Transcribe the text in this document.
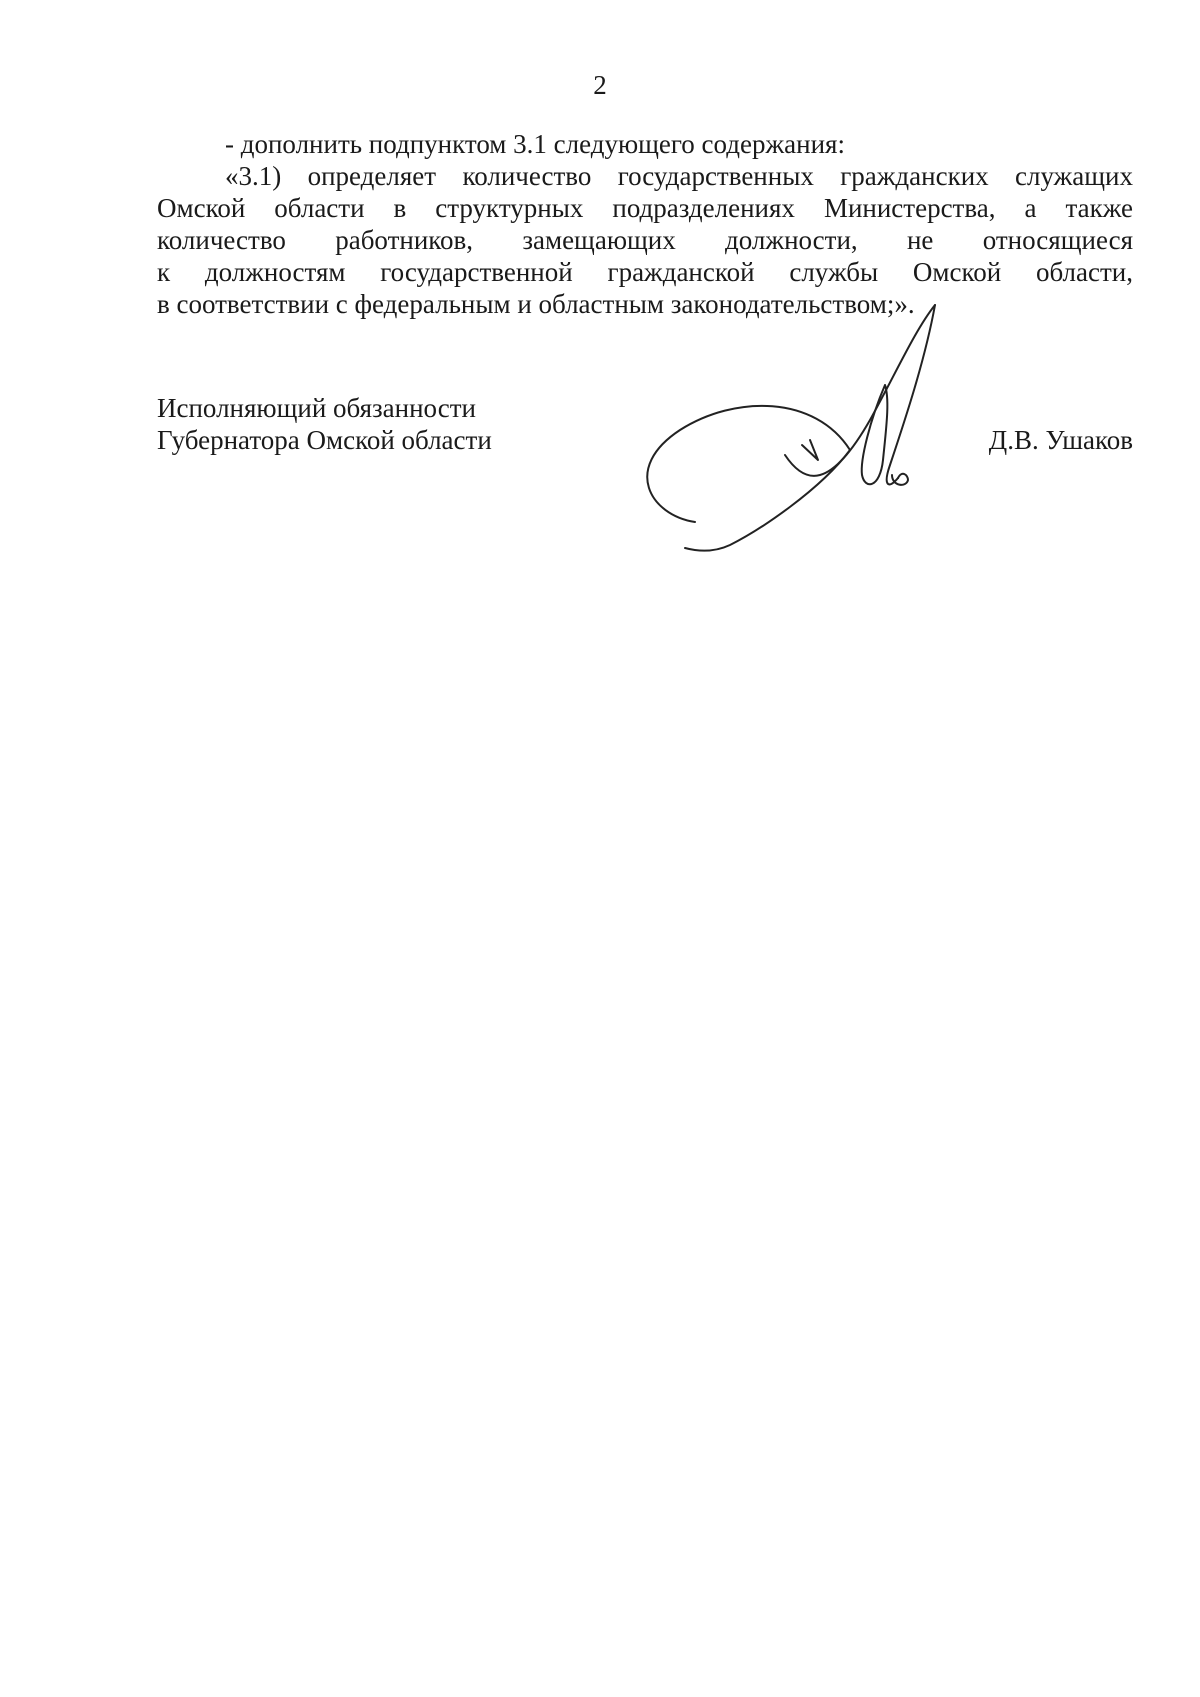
2
- дополнить подпунктом 3.1 следующего содержания:
«3.1) определяет количество государственных гражданских служащих
Омской области в структурных подразделениях Министерства, а также
количество работников, замещающих должности, не относящиеся
к должностям государственной гражданской службы Омской области,
в соответствии с федеральным и областным законодательством;».
Исполняющий обязанности
Губернатора Омской области	Д.В. Ушаков
